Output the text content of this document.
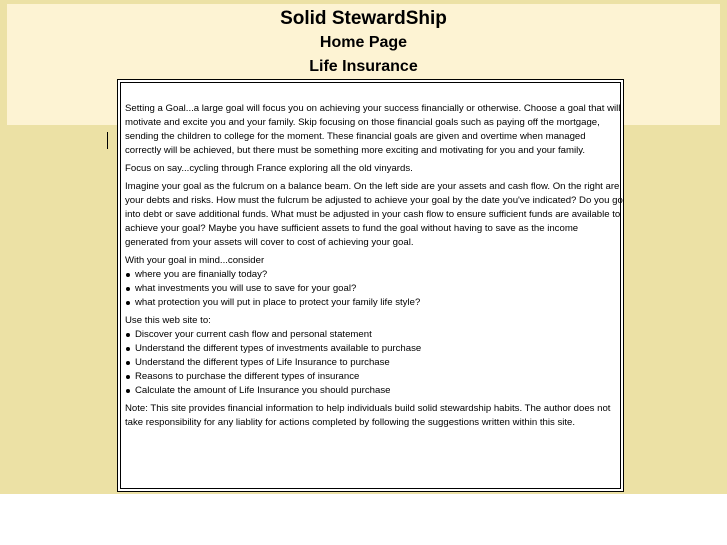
Solid StewardShip
Home Page
Life Insurance

Setting a Goal...a large goal will focus you on achieving your success financially or otherwise. Choose a goal that will motivate and excite you and your family. Skip focusing on those financial goals such as paying off the mortgage, sending the children to college for the moment. These financial goals are given and overtime when managed correctly will be achieved, but there must be something more exciting and motivating for you and your family.

Focus on say...cycling through France exploring all the old vinyards.

Imagine your goal as the fulcrum on a balance beam. On the left side are your assets and cash flow. On the right are your debts and risks. How must the fulcrum be adjusted to achieve your goal by the date you've indicated? Do you go into debt or save additional funds. What must be adjusted in your cash flow to ensure sufficient funds are available to achieve your goal? Maybe you have sufficient assets to fund the goal without having to save as the income generated from your assets will cover to cost of achieving your goal.

With your goal in mind...consider
where you are finanially today?
what investments you will use to save for your goal?
what protection you will put in place to protect your family life style?
Use this web site to:
Discover your current cash flow and personal statement
Understand the different types of investments available to purchase
Understand the different types of Life Insurance to purchase
Reasons to purchase the different types of insurance
Calculate the amount of Life Insurance you should purchase

Note: This site provides financial information to help individuals build solid stewardship habits. The author does not take responsibility for any liablity for actions completed by following the suggestions written within this site.
